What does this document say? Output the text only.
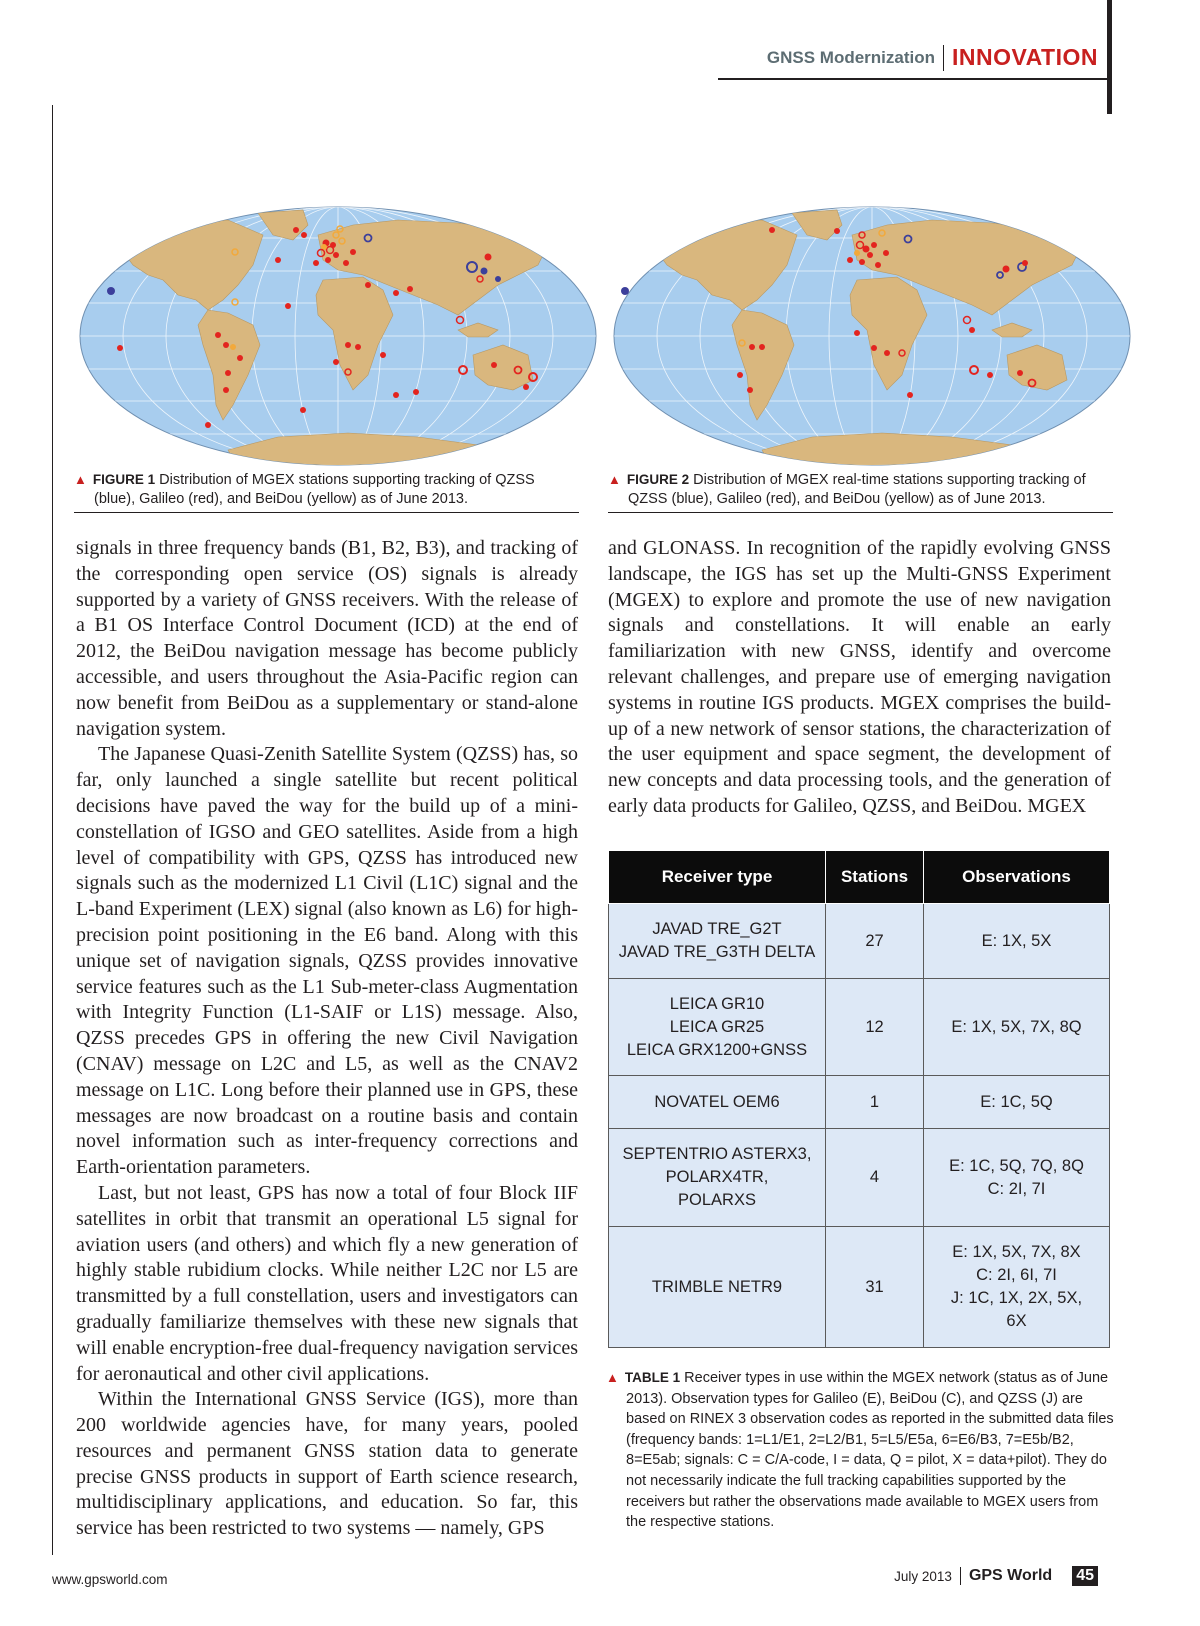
GNSS Modernization INNOVATION
▲ FIGURE 1 Distribution of MGEX stations supporting tracking of QZSS (blue), Galileo (red), and BeiDou (yellow) as of June 2013.
▲ FIGURE 2 Distribution of MGEX real-time stations supporting tracking of QZSS (blue), Galileo (red), and BeiDou (yellow) as of June 2013.

signals in three frequency bands (B1, B2, B3), and tracking of the corresponding open service (OS) signals is already supported by a variety of GNSS receivers. With the release of a B1 OS Interface Control Document (ICD) at the end of 2012, the BeiDou navigation message has become publicly accessible, and users throughout the Asia-Pacific region can now benefit from BeiDou as a supplementary or stand-alone navigation system.

The Japanese Quasi-Zenith Satellite System (QZSS) has, so far, only launched a single satellite but recent political decisions have paved the way for the build up of a mini-constellation of IGSO and GEO satellites. Aside from a high level of compatibility with GPS, QZSS has introduced new signals such as the modernized L1 Civil (L1C) signal and the L-band Experiment (LEX) signal (also known as L6) for high-precision point positioning in the E6 band. Along with this unique set of navigation signals, QZSS provides innovative service features such as the L1 Sub-meter-class Augmentation with Integrity Function (L1-SAIF or L1S) message. Also, QZSS precedes GPS in offering the new Civil Navigation (CNAV) message on L2C and L5, as well as the CNAV2 message on L1C. Long before their planned use in GPS, these messages are now broadcast on a routine basis and contain novel information such as inter-frequency corrections and Earth-orientation parameters.

Last, but not least, GPS has now a total of four Block IIF satellites in orbit that transmit an operational L5 signal for aviation users (and others) and which fly a new generation of highly stable rubidium clocks. While neither L2C nor L5 are transmitted by a full constellation, users and investigators can gradually familiarize themselves with these new signals that will enable encryption-free dual-frequency navigation services for aeronautical and other civil applications.

Within the International GNSS Service (IGS), more than 200 worldwide agencies have, for many years, pooled resources and permanent GNSS station data to generate precise GNSS products in support of Earth science research, multidisciplinary applications, and education. So far, this service has been restricted to two systems — namely, GPS

and GLONASS. In recognition of the rapidly evolving GNSS landscape, the IGS has set up the Multi-GNSS Experiment (MGEX) to explore and promote the use of new navigation signals and constellations. It will enable an early familiarization with new GNSS, identify and overcome relevant challenges, and prepare use of emerging navigation systems in routine IGS products. MGEX comprises the build-up of a new network of sensor stations, the characterization of the user equipment and space segment, the development of new concepts and data processing tools, and the generation of early data products for Galileo, QZSS, and BeiDou. MGEX

Receiver type	Stations	Observations

JAVAD TRE_G2T
JAVAD TRE_G3TH DELTA	27	E: 1X, 5X

LEICA GR10
LEICA GR25
LEICA GRX1200+GNSS	12	E: 1X, 5X, 7X, 8Q

NOVATEL OEM6	1	E: 1C, 5Q

SEPTENTRIO ASTERX3,
POLARX4TR,
POLARXS	4	E: 1C, 5Q, 7Q, 8Q
C: 2I, 7I

TRIMBLE NETR9	31	E: 1X, 5X, 7X, 8X
C: 2I, 6I, 7I
J: 1C, 1X, 2X, 5X,
6X
▲ TABLE 1 Receiver types in use within the MGEX network (status as of June 2013). Observation types for Galileo (E), BeiDou (C), and QZSS (J) are based on RINEX 3 observation codes as reported in the submitted data files (frequency bands: 1=L1/E1, 2=L2/B1, 5=L5/E5a, 6=E6/B3, 7=E5b/B2, 8=E5ab; signals: C = C/A-code, I = data, Q = pilot, X = data+pilot). They do not necessarily indicate the full tracking capabilities supported by the receivers but rather the observations made available to MGEX users from the respective stations.
www.gpsworld.com	July 2013 GPS World 45
